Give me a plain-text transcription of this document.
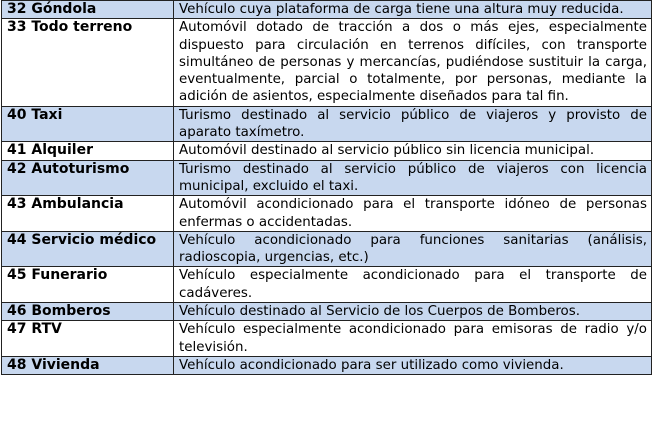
32 Góndola	Vehículo cuya plataforma de carga tiene una altura muy reducida.
33 Todo terreno	Automóvil dotado de tracción a dos o más ejes, especialmente dispuesto para circulación en terrenos difíciles, con transporte simultáneo de personas y mercancías, pudiéndose sustituir la carga, eventualmente, parcial o totalmente, por personas, mediante la adición de asientos, especialmente diseñados para tal fin.
40 Taxi	Turismo destinado al servicio público de viajeros y provisto de aparato taxímetro.
41 Alquiler	Automóvil destinado al servicio público sin licencia municipal.
42 Autoturismo	Turismo destinado al servicio público de viajeros con licencia municipal, excluido el taxi.
43 Ambulancia	Automóvil acondicionado para el transporte idóneo de personas enfermas o accidentadas.
44 Servicio médico	Vehículo acondicionado para funciones sanitarias (análisis, radioscopia, urgencias, etc.)
45 Funerario	Vehículo especialmente acondicionado para el transporte de cadáveres.
46 Bomberos	Vehículo destinado al Servicio de los Cuerpos de Bomberos.
47 RTV	Vehículo especialmente acondicionado para emisoras de radio y/o televisión.
48 Vivienda	Vehículo acondicionado para ser utilizado como vivienda.
